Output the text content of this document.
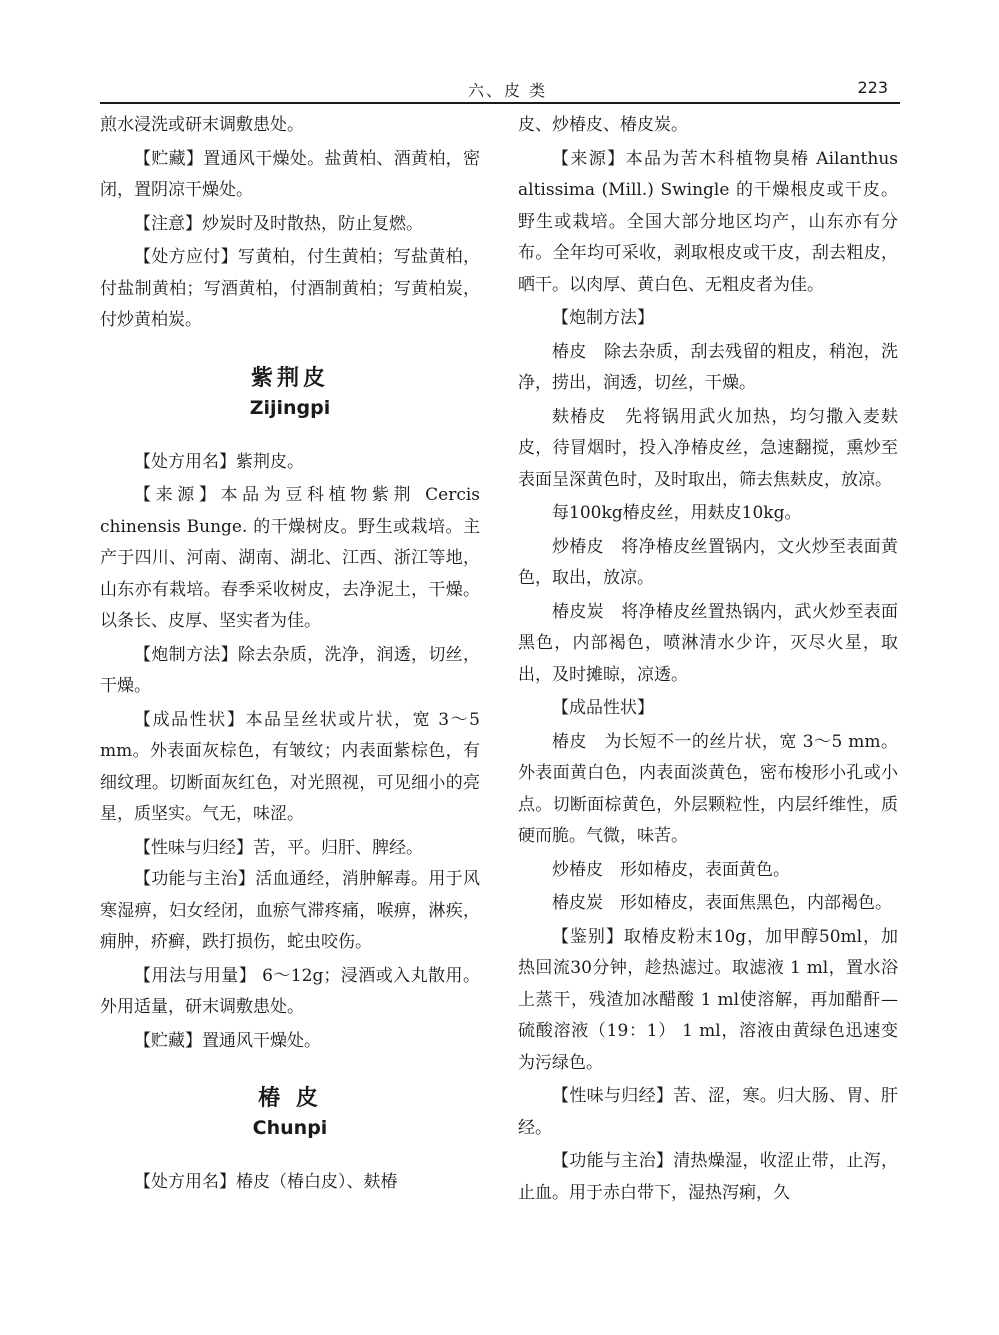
六、皮 类	223

煎水浸洗或研末调敷患处。

【贮藏】置通风干燥处。盐黄柏、酒黄柏，密闭，置阴凉干燥处。

【注意】炒炭时及时散热，防止复燃。

【处方应付】写黄柏，付生黄柏；写盐黄柏，付盐制黄柏；写酒黄柏，付酒制黄柏；写黄柏炭，付炒黄柏炭。

紫荆皮
Zijingpi

【处方用名】紫荆皮。

【来源】本品为豆科植物紫荆 Cercis chinensis Bunge. 的干燥树皮。野生或栽培。主产于四川、河南、湖南、湖北、江西、浙江等地，山东亦有栽培。春季采收树皮，去净泥土，干燥。以条长、皮厚、坚实者为佳。

【炮制方法】除去杂质，洗净，润透，切丝，干燥。

【成品性状】本品呈丝状或片状，宽 3～5 mm。外表面灰棕色，有皱纹；内表面紫棕色，有细纹理。切断面灰红色，对光照视，可见细小的亮星，质坚实。气无，味涩。

【性味与归经】苦，平。归肝、脾经。

【功能与主治】活血通经，消肿解毒。用于风寒湿痹，妇女经闭，血瘀气滞疼痛，喉痹，淋疾，痈肿，疥癣，跌打损伤，蛇虫咬伤。

【用法与用量】 6～12g；浸酒或入丸散用。外用适量，研末调敷患处。

【贮藏】置通风干燥处。

椿 皮
Chunpi

【处方用名】椿皮（椿白皮）、麸椿

皮、炒椿皮、椿皮炭。

【来源】本品为苦木科植物臭椿 Ailanthus altissima (Mill.) Swingle 的干燥根皮或干皮。野生或栽培。全国大部分地区均产，山东亦有分布。全年均可采收，剥取根皮或干皮，刮去粗皮，晒干。以肉厚、黄白色、无粗皮者为佳。

【炮制方法】

椿皮　除去杂质，刮去残留的粗皮，稍泡，洗净，捞出，润透，切丝，干燥。

麸椿皮　先将锅用武火加热，均匀撒入麦麸皮，待冒烟时，投入净椿皮丝，急速翻搅，熏炒至表面呈深黄色时，及时取出，筛去焦麸皮，放凉。

每100kg椿皮丝，用麸皮10kg。

炒椿皮　将净椿皮丝置锅内，文火炒至表面黄色，取出，放凉。

椿皮炭　将净椿皮丝置热锅内，武火炒至表面黑色，内部褐色，喷淋清水少许，灭尽火星，取出，及时摊晾，凉透。

【成品性状】

椿皮　为长短不一的丝片状，宽 3～5 mm。外表面黄白色，内表面淡黄色，密布梭形小孔或小点。切断面棕黄色，外层颗粒性，内层纤维性，质硬而脆。气微，味苦。

炒椿皮　形如椿皮，表面黄色。

椿皮炭　形如椿皮，表面焦黑色，内部褐色。

【鉴别】取椿皮粉末10g，加甲醇50ml，加热回流30分钟，趁热滤过。取滤液 1 ml，置水浴上蒸干，残渣加冰醋酸 1 ml使溶解，再加醋酐—硫酸溶液（19：1） 1 ml，溶液由黄绿色迅速变为污绿色。

【性味与归经】苦、涩，寒。归大肠、胃、肝经。

【功能与主治】清热燥湿，收涩止带，止泻，止血。用于赤白带下，湿热泻痢，久
